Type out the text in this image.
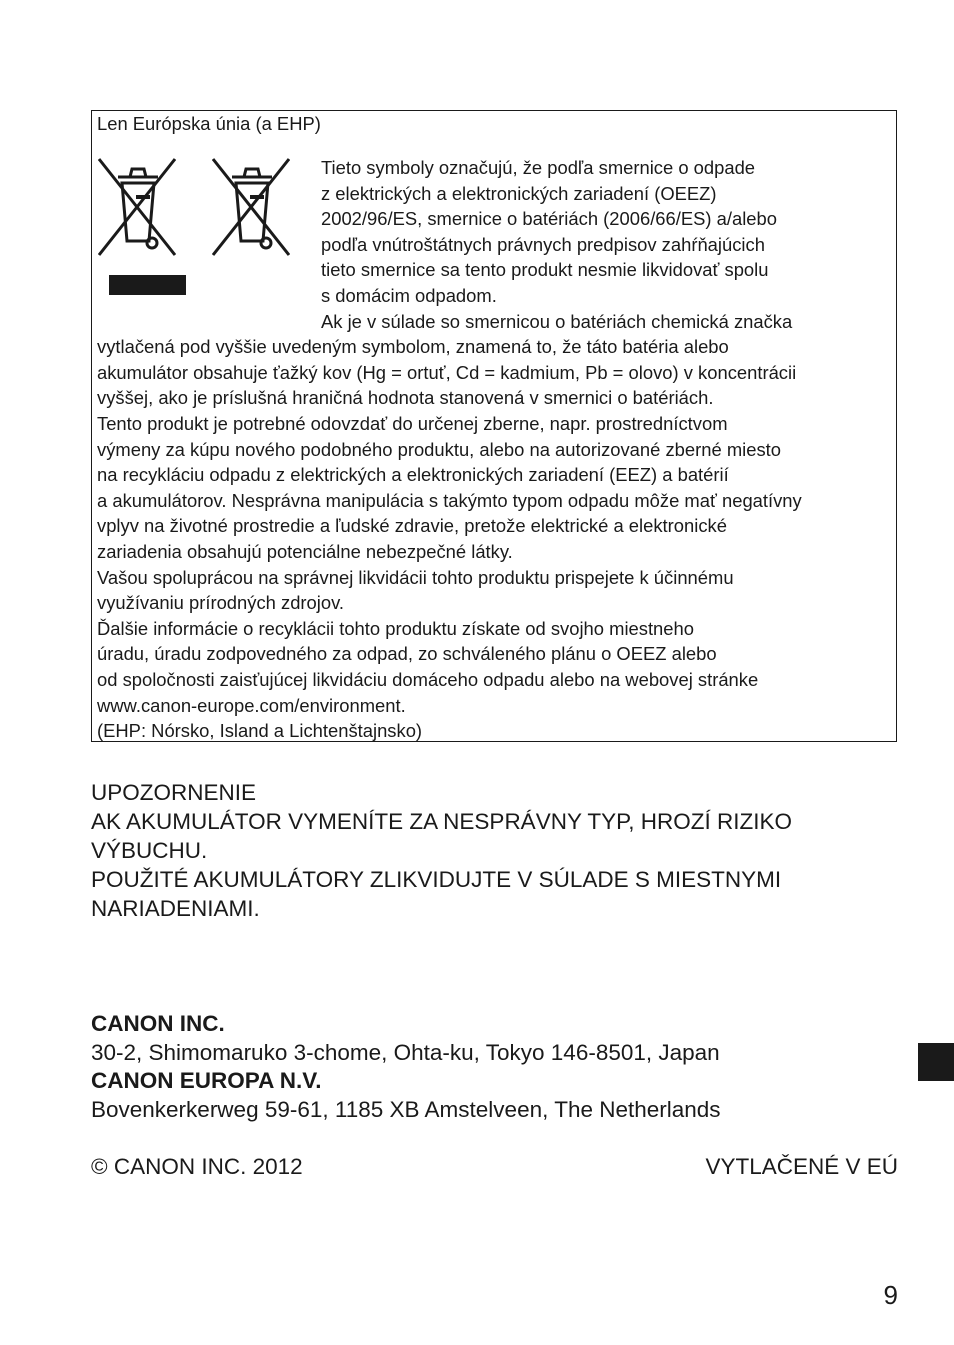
Len Európska únia (a EHP)
Tieto symboly označujú, že podľa smernice o odpade
z elektrických a elektronických zariadení (OEEZ)
2002/96/ES, smernice o batériách (2006/66/ES) a/alebo
podľa vnútroštátnych právnych predpisov zahŕňajúcich
tieto smernice sa tento produkt nesmie likvidovať spolu
s domácim odpadom.
Ak je v súlade so smernicou o batériách chemická značka
vytlačená pod vyššie uvedeným symbolom, znamená to, že táto batéria alebo
akumulátor obsahuje ťažký kov (Hg = ortuť, Cd = kadmium, Pb = olovo) v koncentrácii
vyššej, ako je príslušná hraničná hodnota stanovená v smernici o batériách.
Tento produkt je potrebné odovzdať do určenej zberne, napr. prostredníctvom
výmeny za kúpu nového podobného produktu, alebo na autorizované zberné miesto
na recykláciu odpadu z elektrických a elektronických zariadení (EEZ) a batérií
a akumulátorov. Nesprávna manipulácia s takýmto typom odpadu môže mať negatívny
vplyv na životné prostredie a ľudské zdravie, pretože elektrické a elektronické
zariadenia obsahujú potenciálne nebezpečné látky.
Vašou spoluprácou na správnej likvidácii tohto produktu prispejete k účinnému
využívaniu prírodných zdrojov.
Ďalšie informácie o recyklácii tohto produktu získate od svojho miestneho
úradu, úradu zodpovedného za odpad, zo schváleného plánu o OEEZ alebo
od spoločnosti zaisťujúcej likvidáciu domáceho odpadu alebo na webovej stránke
www.canon-europe.com/environment.
(EHP: Nórsko, Island a Lichtenštajnsko)
UPOZORNENIE
AK AKUMULÁTOR VYMENÍTE ZA NESPRÁVNY TYP, HROZÍ RIZIKO
VÝBUCHU.
POUŽITÉ AKUMULÁTORY ZLIKVIDUJTE V SÚLADE S MIESTNYMI
NARIADENIAMI.
CANON INC.
30-2, Shimomaruko 3-chome, Ohta-ku, Tokyo 146-8501, Japan
CANON EUROPA N.V.
Bovenkerkerweg 59-61, 1185 XB Amstelveen, The Netherlands
© CANON INC. 2012	VYTLAČENÉ V EÚ
9
